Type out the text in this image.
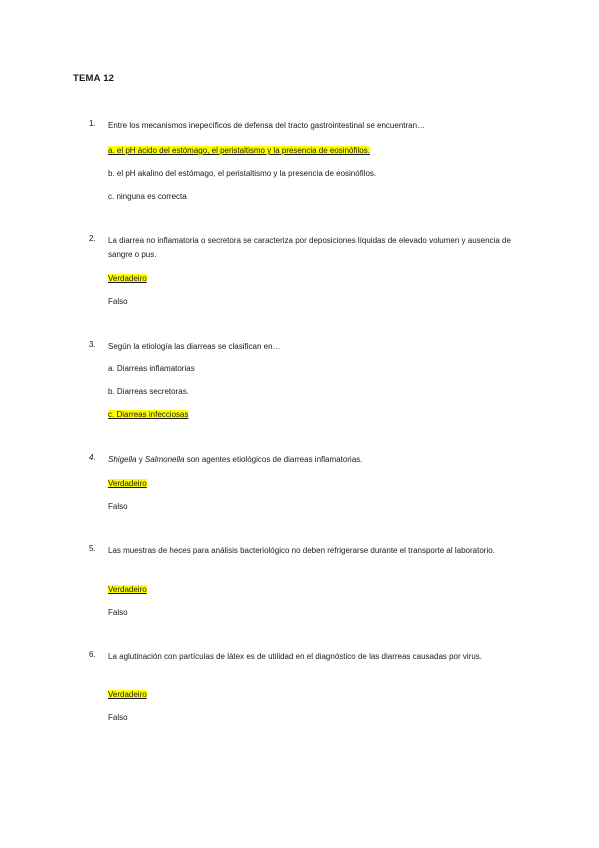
TEMA 12
1. Entre los mecanismos inepecíficos de defensa del tracto gastrointestinal se encuentran…
a. el pH ácido del estómago, el peristaltismo y la presencia de eosinófilos.
b. el pH akalino del estómago, el peristaltismo y la presencia de eosinófilos.
c. ninguna es correcta
2. La diarrea no inflamatoria o secretora se caracteriza por deposiciones líquidas de elevado volumen y ausencia de sangre o pus.
Verdadeiro
Falso
3. Según la etiología las diarreas se clasifican en…
a. Diarreas inflamatorias
b. Diarreas secretoras.
c. Diarreas infecciosas
4. Shigella y Salmonella son agentes etiológicos de diarreas inflamatorias.
Verdadeiro
Falso
5. Las muestras de heces para análisis bacteriológico no deben refrigerarse durante el transporte al laboratorio.
Verdadeiro
Falso
6. La aglutinación con partículas de látex es de utilidad en el diagnóstico de las diarreas causadas por virus.
Verdadeiro
Falso
